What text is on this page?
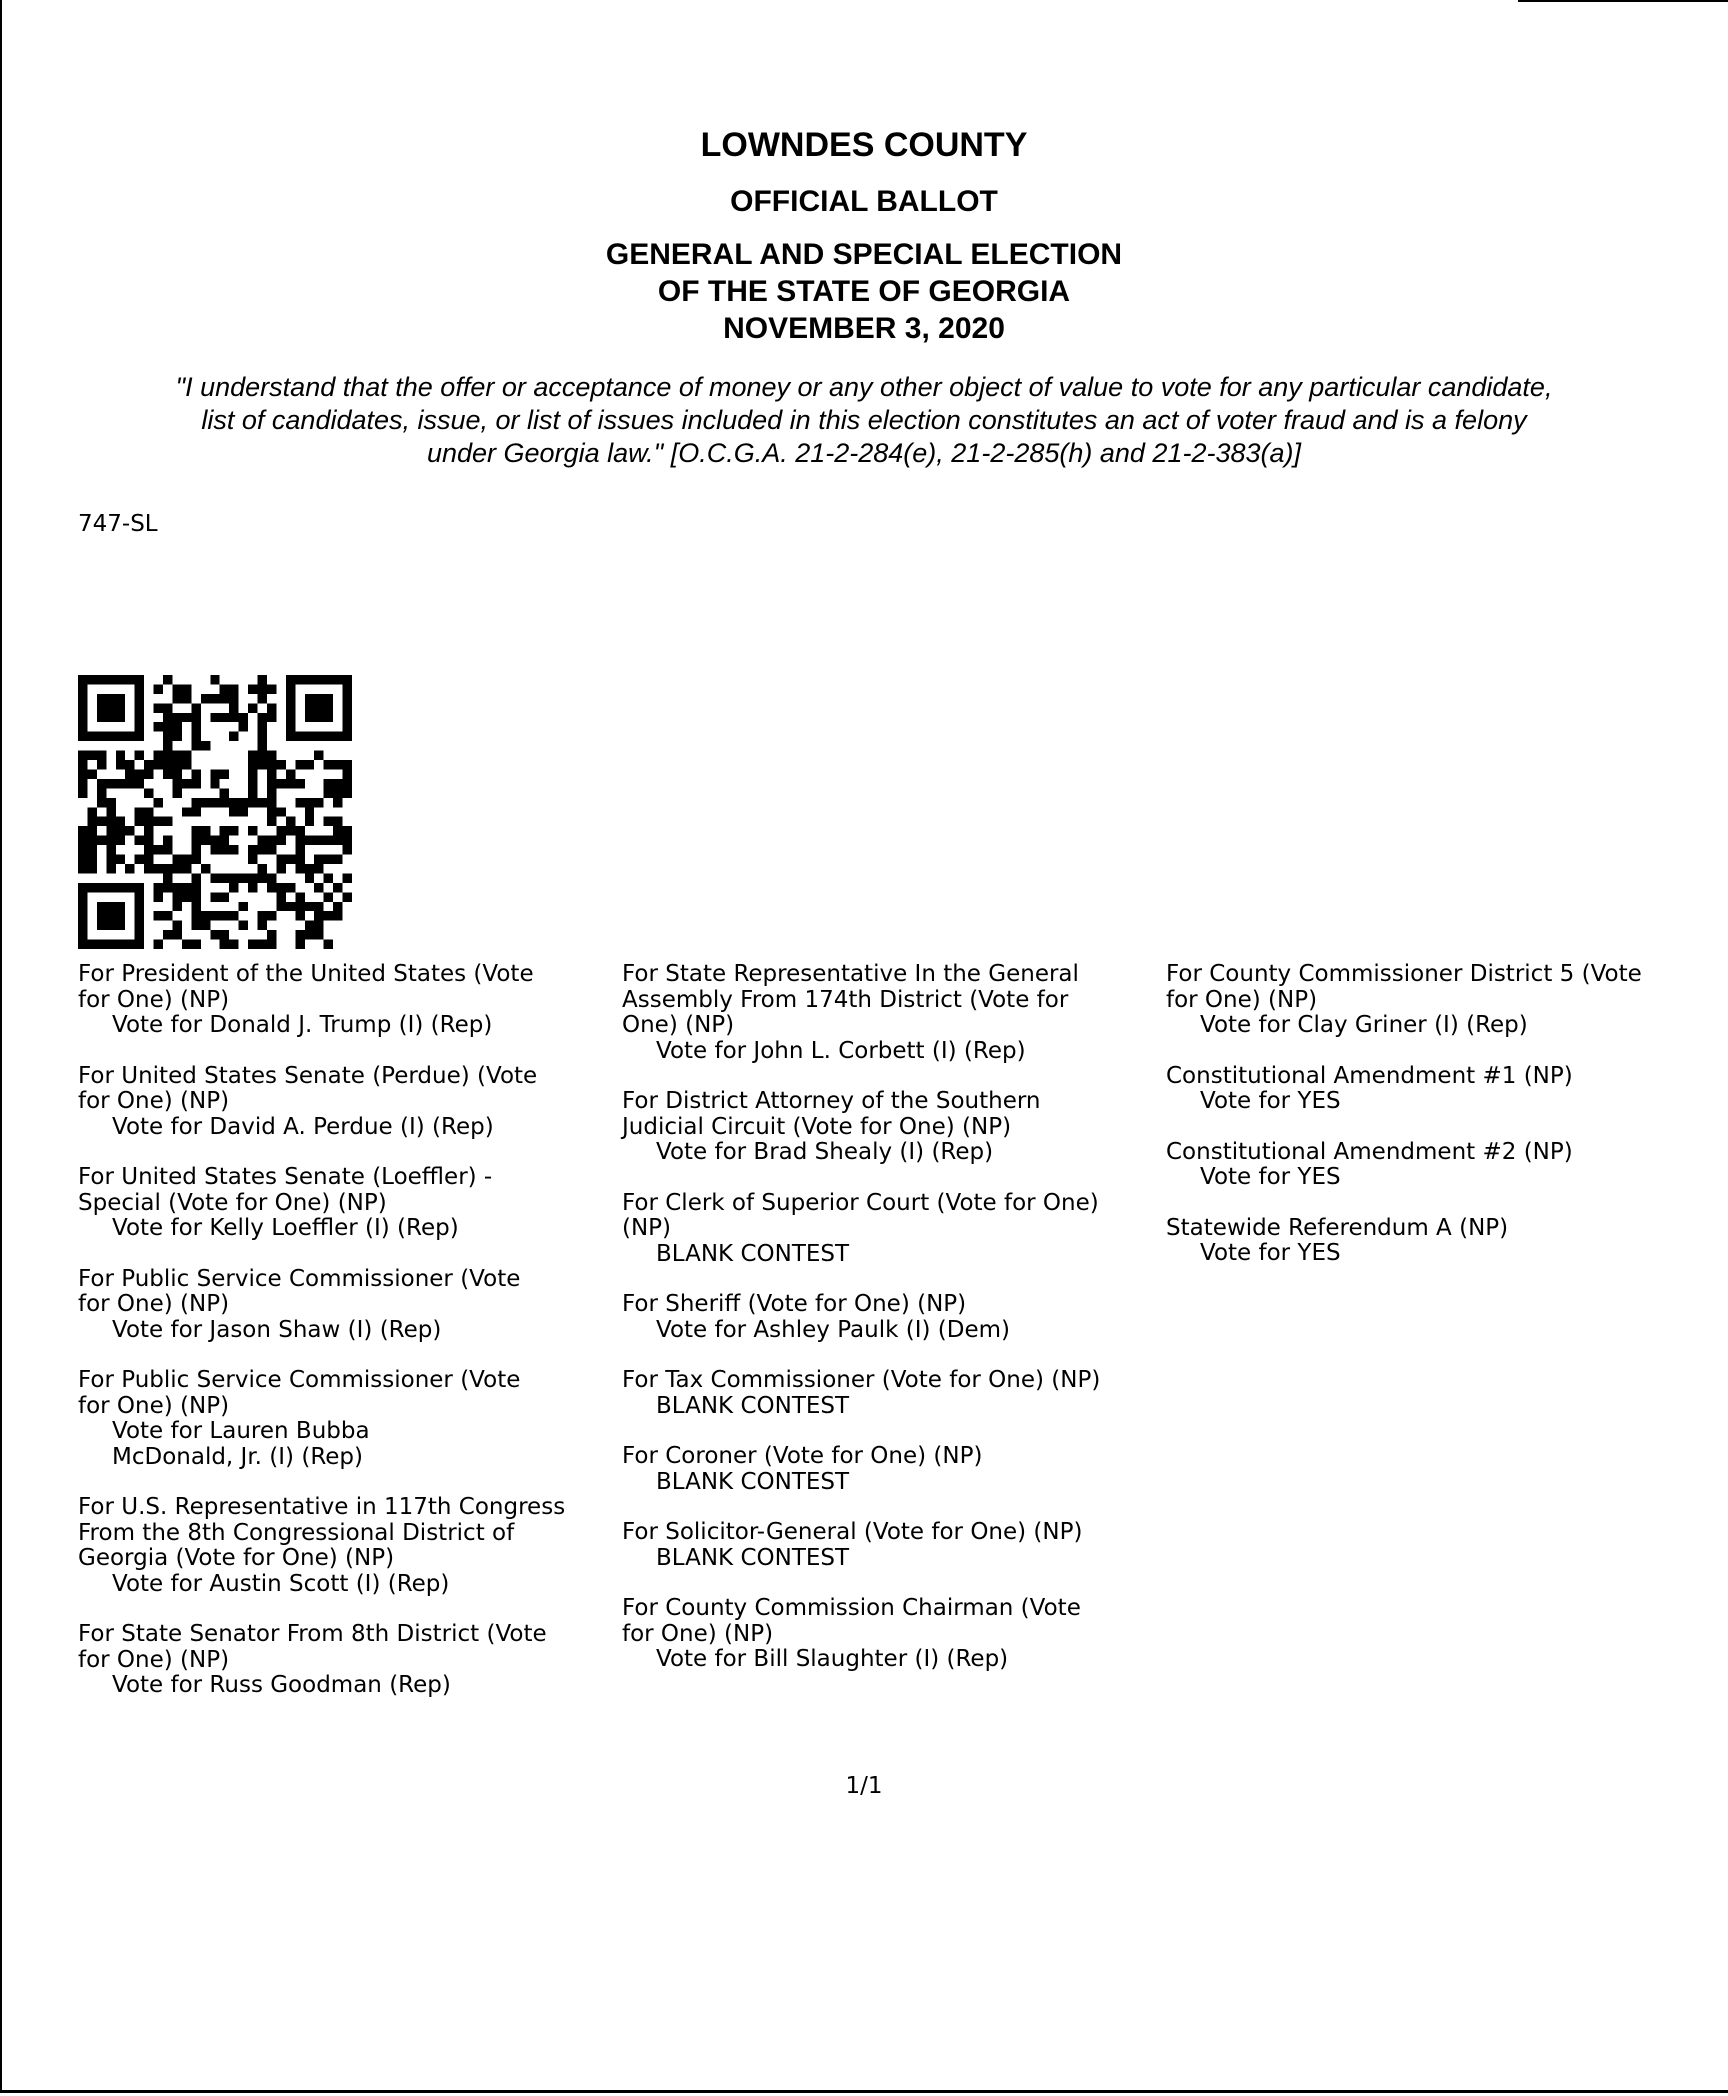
LOWNDES COUNTY
OFFICIAL BALLOT
GENERAL AND SPECIAL ELECTION
OF THE STATE OF GEORGIA
NOVEMBER 3, 2020
"I understand that the offer or acceptance of money or any other object of value to vote for any particular candidate,
list of candidates, issue, or list of issues included in this election constitutes an act of voter fraud and is a felony
under Georgia law." [O.C.G.A. 21-2-284(e), 21-2-285(h) and 21-2-383(a)]
747-SL
For President of the United States (Vote
for One) (NP)
Vote for Donald J. Trump (I) (Rep)
For United States Senate (Perdue) (Vote
for One) (NP)
Vote for David A. Perdue (I) (Rep)
For United States Senate (Loeffler) -
Special (Vote for One) (NP)
Vote for Kelly Loeffler (I) (Rep)
For Public Service Commissioner (Vote
for One) (NP)
Vote for Jason Shaw (I) (Rep)
For Public Service Commissioner (Vote
for One) (NP)
Vote for Lauren Bubba
McDonald, Jr. (I) (Rep)
For U.S. Representative in 117th Congress
From the 8th Congressional District of
Georgia (Vote for One) (NP)
Vote for Austin Scott (I) (Rep)
For State Senator From 8th District (Vote
for One) (NP)
Vote for Russ Goodman (Rep)
For State Representative In the General
Assembly From 174th District (Vote for
One) (NP)
Vote for John L. Corbett (I) (Rep)
For District Attorney of the Southern
Judicial Circuit (Vote for One) (NP)
Vote for Brad Shealy (I) (Rep)
For Clerk of Superior Court (Vote for One)
(NP)
BLANK CONTEST
For Sheriff (Vote for One) (NP)
Vote for Ashley Paulk (I) (Dem)
For Tax Commissioner (Vote for One) (NP)
BLANK CONTEST
For Coroner (Vote for One) (NP)
BLANK CONTEST
For Solicitor-General (Vote for One) (NP)
BLANK CONTEST
For County Commission Chairman (Vote
for One) (NP)
Vote for Bill Slaughter (I) (Rep)
For County Commissioner District 5 (Vote
for One) (NP)
Vote for Clay Griner (I) (Rep)
Constitutional Amendment #1 (NP)
Vote for YES
Constitutional Amendment #2 (NP)
Vote for YES
Statewide Referendum A (NP)
Vote for YES
1/1
